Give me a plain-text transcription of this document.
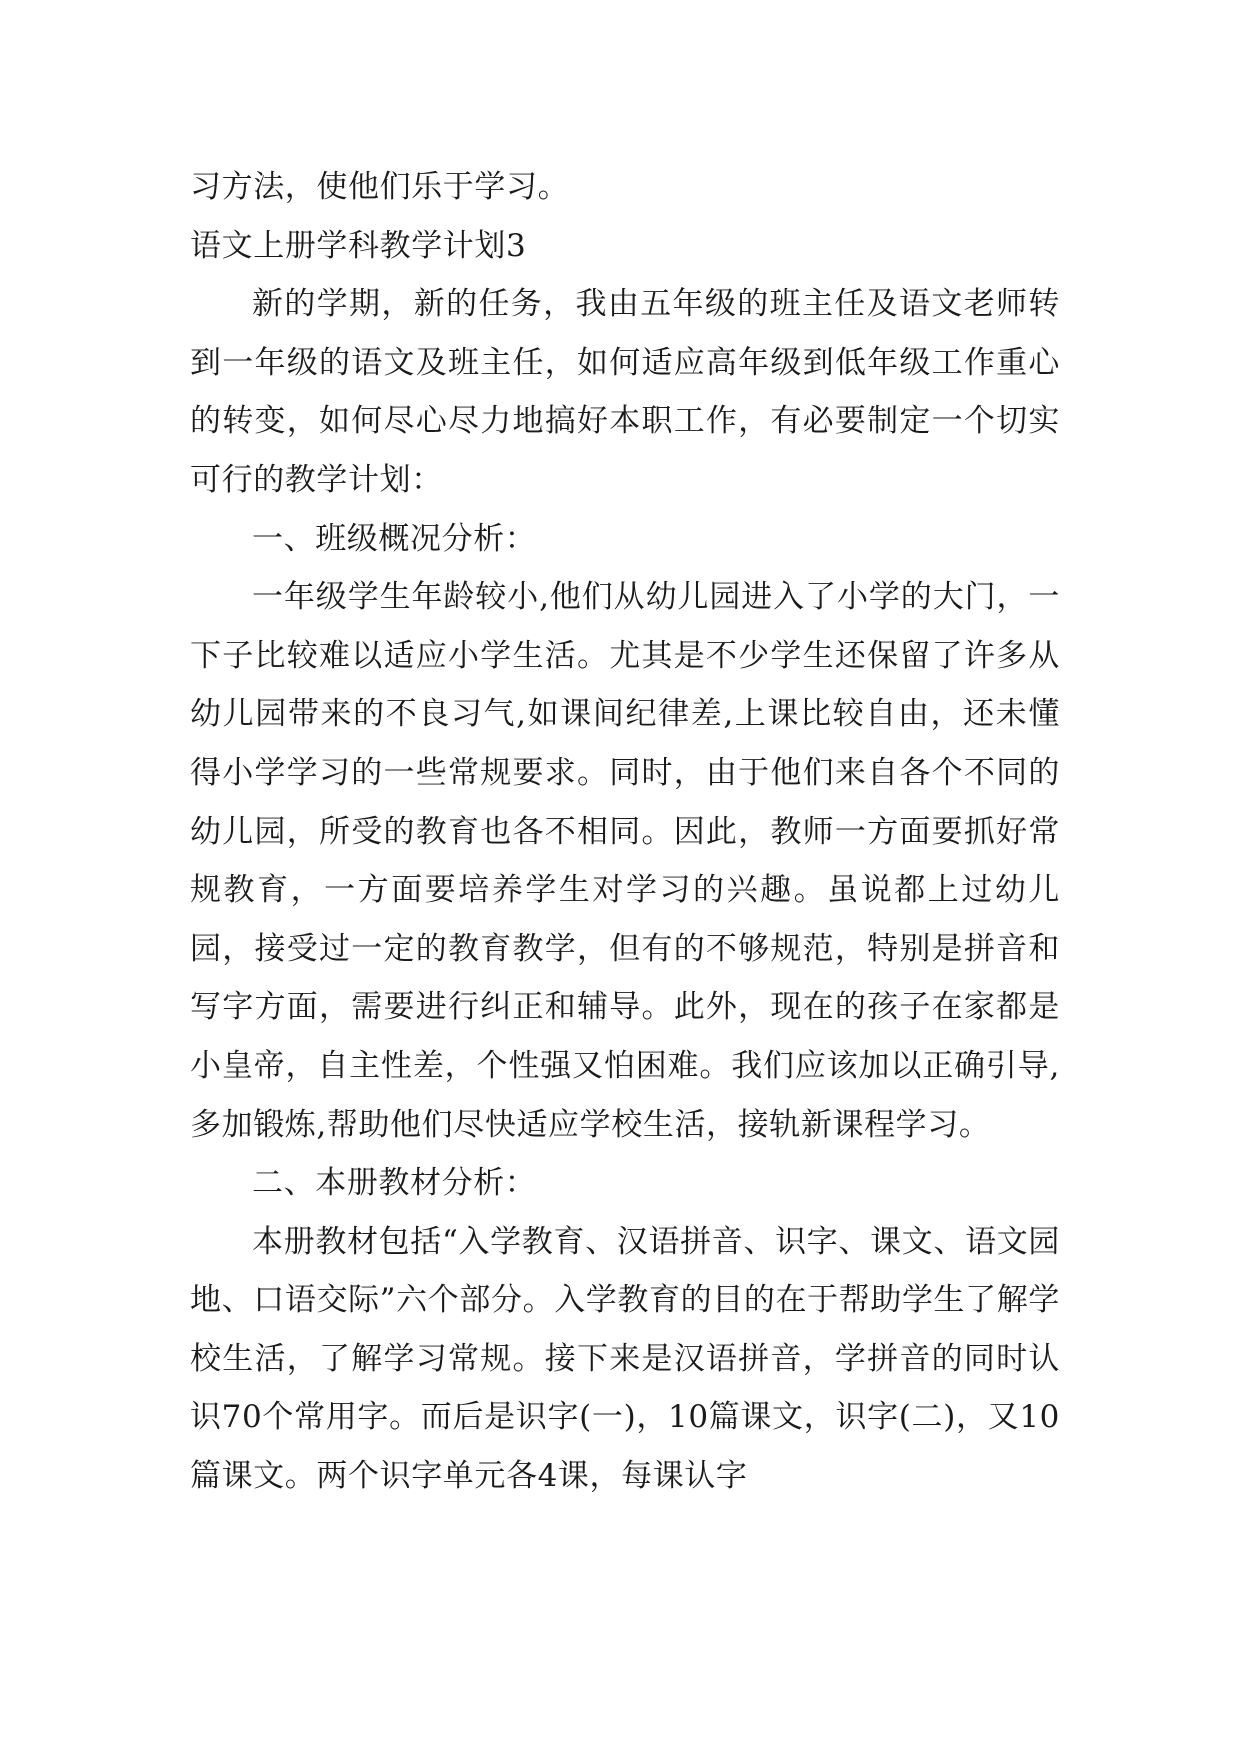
习方法，使他们乐于学习。

语文上册学科教学计划3

新的学期，新的任务，我由五年级的班主任及语文老师转到一年级的语文及班主任，如何适应高年级到低年级工作重心的转变，如何尽心尽力地搞好本职工作，有必要制定一个切实可行的教学计划：

一、班级概况分析：

一年级学生年龄较小,他们从幼儿园进入了小学的大门，一下子比较难以适应小学生活。尤其是不少学生还保留了许多从幼儿园带来的不良习气,如课间纪律差,上课比较自由，还未懂得小学学习的一些常规要求。同时，由于他们来自各个不同的幼儿园，所受的教育也各不相同。因此，教师一方面要抓好常规教育，一方面要培养学生对学习的兴趣。虽说都上过幼儿园，接受过一定的教育教学，但有的不够规范，特别是拼音和写字方面，需要进行纠正和辅导。此外，现在的孩子在家都是小皇帝，自主性差，个性强又怕困难。我们应该加以正确引导,多加锻炼,帮助他们尽快适应学校生活，接轨新课程学习。

二、本册教材分析：

本册教材包括“入学教育、汉语拼音、识字、课文、语文园地、口语交际”六个部分。入学教育的目的在于帮助学生了解学校生活，了解学习常规。接下来是汉语拼音，学拼音的同时认识70个常用字。而后是识字(一)，10篇课文，识字(二)，又10篇课文。两个识字单元各4课，每课认字
